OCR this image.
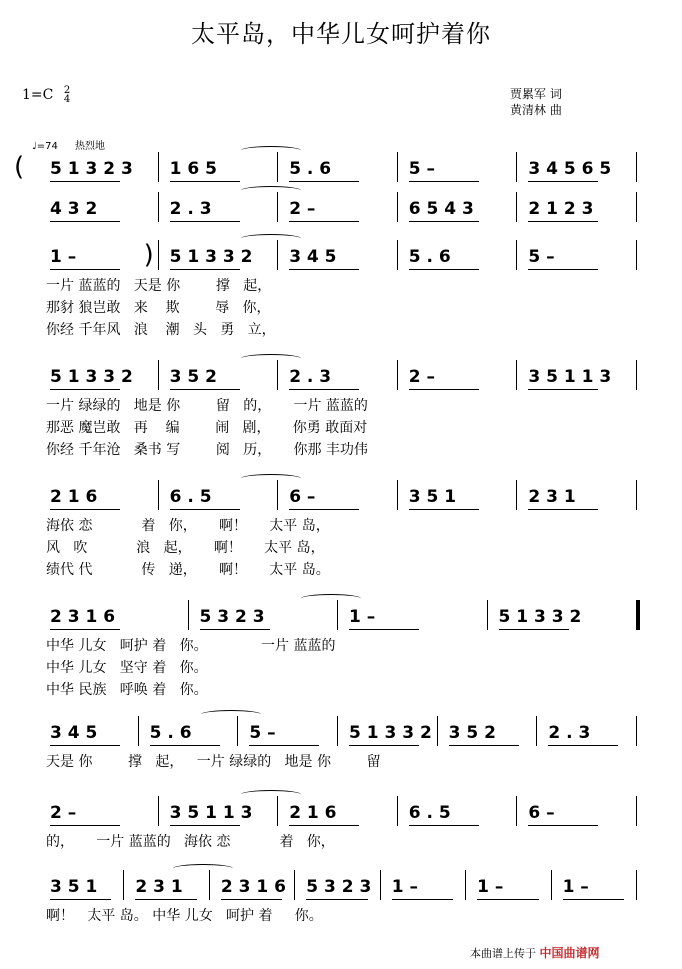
太平岛，中华儿女呵护着你
1=C 2
4	贾累军 词
黄清林 曲
♩=74 热烈地
( 5 1 3 2 3 1 6 5	5 . 6	5 –	3 4 5 6 5
4 3 2	2 . 3	2 –	6 5 4 3	2 1 2 3
1 –	5 1 3 3 2 3 4 5	5 . 6	5 –
)
一片 蓝蓝的   天是 你        撑   起，
那豺 狼岂敢   来    欺        辱   你，
你经 千年风   浪    潮   头   勇   立，
5 1 3 3 2 3 5 2	2 . 3	2 –	3 5 1 1 3
一片 绿绿的   地是 你        留   的，     一片 蓝蓝的
那恶 魔岂敢   再    编        闹   剧，     你勇 敢面对
你经 千年沧   桑书 写        阅   历，     你那 丰功伟
2 1 6	6 . 5	6 –	3 5 1	2 3 1
海依 恋           着   你，     啊！     太平 岛，
风   吹           浪   起，     啊！     太平 岛，
绩代 代           传   递，     啊！     太平 岛。
2 3 1 6	5 3 2 3	1 –	5 1 3 3 2
中华 儿女   呵护 着   你。            一片 蓝蓝的
中华 儿女   坚守 着   你。
中华 民族   呼唤 着   你。
3 4 5	5 . 6	5 –	5 1 3 3 2 3 5 2	2 . 3
天是 你        撑   起，   一片 绿绿的   地是 你        留
2 –	3 5 1 1 3 2 1 6	6 . 5	6 –
的，     一片 蓝蓝的   海依 恋           着   你，
3 5 1 2 3 1 2 3 1 6 5 3 2 3 1 –	1 –	1 –
啊！   太平 岛。 中华 儿女   呵护 着     你。
本曲谱上传于 中国曲谱网
